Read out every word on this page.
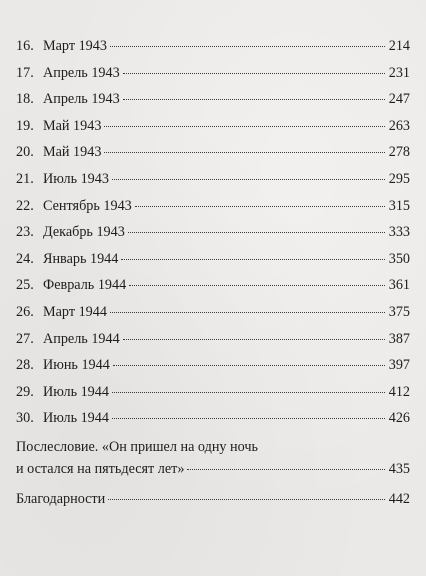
16. Март 1943	214
17. Апрель 1943	231
18. Апрель 1943	247
19. Май 1943	263
20. Май 1943	278
21. Июль 1943	295
22. Сентябрь 1943	315
23. Декабрь 1943	333
24. Январь 1944	350
25. Февраль 1944	361
26. Март 1944	375
27. Апрель 1944	387
28. Июнь 1944	397
29. Июль 1944	412
30. Июль 1944	426
Послесловие. «Он пришел на одну ночь
и остался на пятьдесят лет»	435
Благодарности	442
